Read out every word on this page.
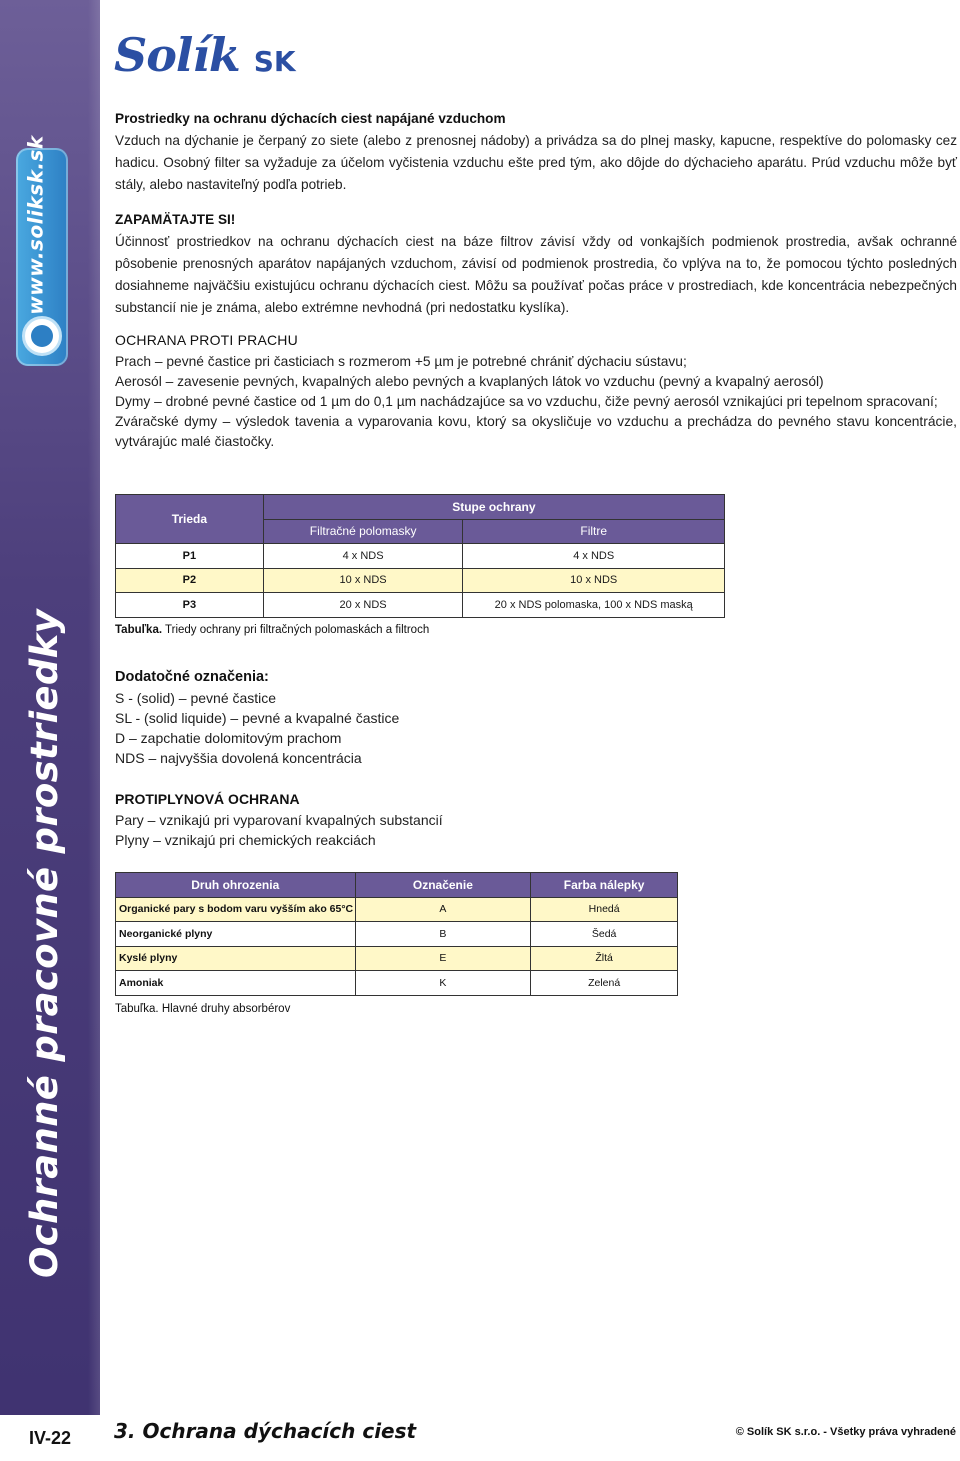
www.soliksk.sk
Ochranné pracovné prostriedky
IV-22
Solík SK
Prostriedky na ochranu dýchacích ciest napájané vzduchom
Vzduch na dýchanie je čerpaný zo siete (alebo z prenosnej nádoby) a privádza sa do plnej masky, kapucne, respektíve do polomasky cez hadicu. Osobný filter sa vyžaduje za účelom vyčistenia vzduchu ešte pred tým, ako dôjde do dýchacieho aparátu. Prúd vzduchu môže byť stály, alebo nastaviteľný podľa potrieb.
ZAPAMÄTAJTE SI!
Účinnosť prostriedkov na ochranu dýchacích ciest na báze filtrov závisí vždy od vonkajších podmienok prostredia, avšak ochranné pôsobenie prenosných aparátov napájaných vzduchom, závisí od podmienok prostredia, čo vplýva na to, že pomocou týchto posledných dosiahneme najväčšiu existujúcu ochranu dýchacích ciest. Môžu sa používať počas práce v prostrediach, kde koncentrácia nebezpečných substancií nie je známa, alebo extrémne nevhodná (pri nedostatku kyslíka).
OCHRANA PROTI PRACHU
Prach – pevné častice pri časticiach s rozmerom +5 µm je potrebné chrániť dýchaciu sústavu;
Aerosól – zavesenie pevných, kvapalných alebo pevných a kvaplaných látok vo vzduchu (pevný a kvapalný aerosól)
Dymy – drobné pevné častice od 1 µm do 0,1 µm nachádzajúce sa vo vzduchu, čiže pevný aerosól vznikajúci pri tepelnom spracovaní;
Zváračské dymy – výsledok tavenia a vyparovania kovu, ktorý sa okysličuje vo vzduchu a prechádza do pevného stavu koncentrácie, vytvárajúc malé čiastočky.
Trieda	Stupe ochrany	
	Filtračné polomasky	Filtre
P1	4 x NDS	4 x NDS
P2	10 x NDS	10 x NDS
P3	20 x NDS	20 x NDS polomaska, 100 x NDS maską
Tabuľka. Triedy ochrany pri filtračných polomaskách a filtroch
Dodatočné označenia:
S - (solid) – pevné častice
SL - (solid liquide) – pevné a kvapalné častice
D – zapchatie dolomitovým prachom
NDS – najvyššia dovolená koncentrácia
PROTIPLYNOVÁ OCHRANA
Pary – vznikajú pri vyparovaní kvapalných substancií
Plyny – vznikajú pri chemických reakciách
Druh ohrozenia	Označenie	Farba nálepky
Organické pary s bodom varu vyšším ako 65°C	A	Hnedá
Neorganické plyny	B	Šedá
Kyslé plyny	E	Žltá
Amoniak	K	Zelená
Tabuľka. Hlavné druhy absorbérov
3. Ochrana dýchacích ciest	© Solík SK s.r.o. - Všetky práva vyhradené
